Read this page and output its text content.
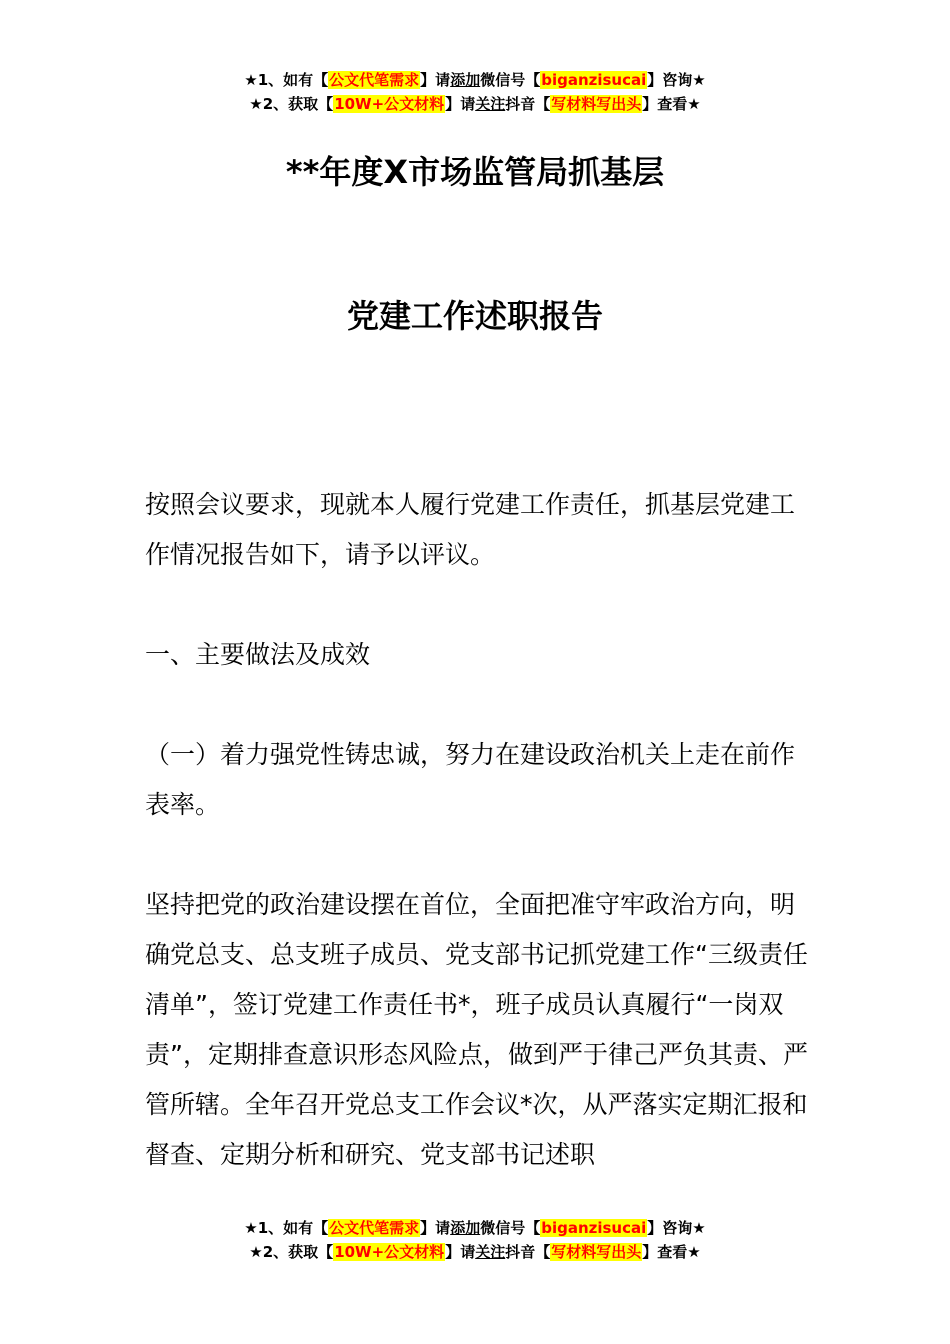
★1、如有【公文代笔需求】请添加微信号【biganzisucai】咨询★
★2、获取【10W+公文材料】请关注抖音【写材料写出头】查看★
**年度X市场监管局抓基层
党建工作述职报告

按照会议要求，现就本人履行党建工作责任，抓基层党建工作情况报告如下，请予以评议。

一、主要做法及成效

（一）着力强党性铸忠诚，努力在建设政治机关上走在前作表率。

坚持把党的政治建设摆在首位，全面把准守牢政治方向，明确党总支、总支班子成员、党支部书记抓党建工作“三级责任清单”，签订党建工作责任书*，班子成员认真履行“一岗双责”，定期排查意识形态风险点，做到严于律己严负其责、严管所辖。全年召开党总支工作会议*次，从严落实定期汇报和督查、定期分析和研究、党支部书记述职

★1、如有【公文代笔需求】请添加微信号【biganzisucai】咨询★
★2、获取【10W+公文材料】请关注抖音【写材料写出头】查看★
